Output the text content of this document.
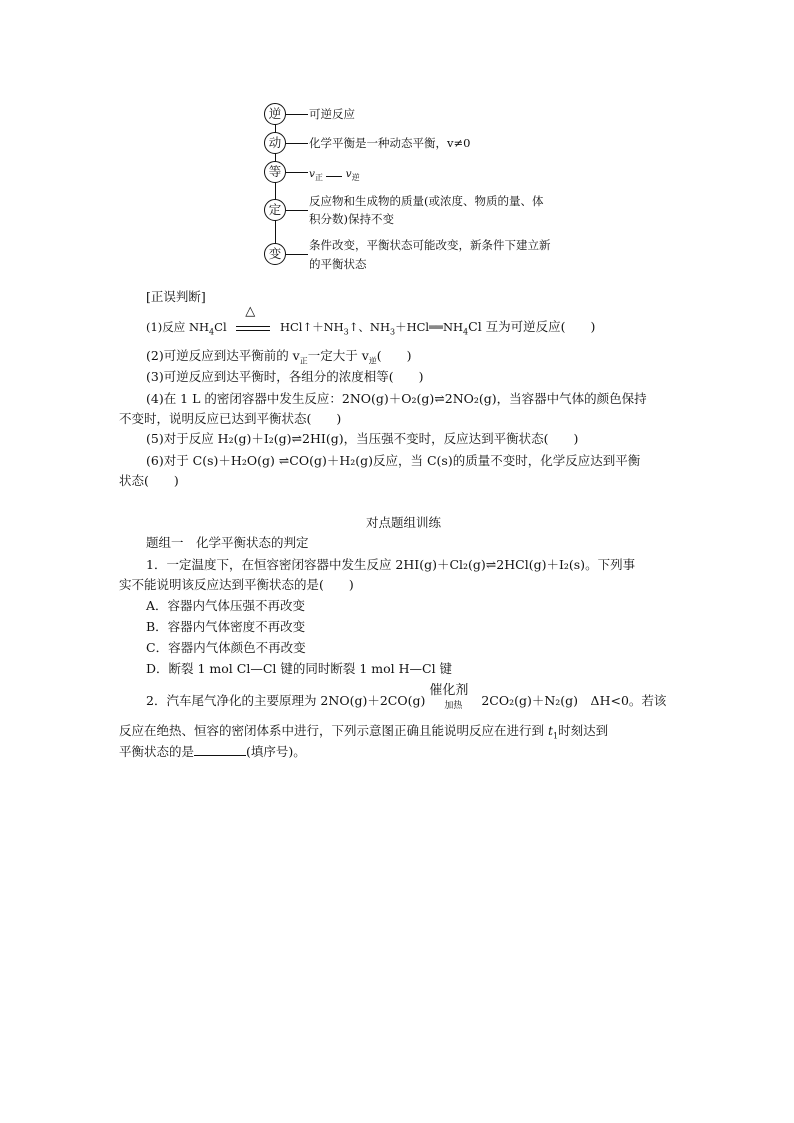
逆	可逆反应
动	化学平衡是一种动态平衡，v≠0
等	$v_正$ $v_逆$
定
反应物和生成物的质量(或浓度、物质的量、体
积分数)保持不变
变
条件改变，平衡状态可能改变，新条件下建立新
的平衡状态
[正误判断]
(1)反应 $NH_4Cl$
△
$HCl↑+NH_3↑$、$NH_3+HCl══NH_4Cl$ 互为可逆反应(　　)
(2)可逆反应到达平衡前的 $v_正$一定大于 $v_逆$(　　)
(3)可逆反应到达平衡时，各组分的浓度相等(　　)
(4)在 1 L 的密闭容器中发生反应：2NO(g)＋O₂(g)⇌2NO₂(g)，当容器中气体的颜色保持
不变时，说明反应已达到平衡状态(　　)
(5)对于反应 H₂(g)＋I₂(g)⇌2HI(g)，当压强不变时，反应达到平衡状态(　　)
(6)对于 C(s)＋H₂O(g) ⇌CO(g)＋H₂(g)反应，当 C(s)的质量不变时，化学反应达到平衡
状态(　　)
对点题组训练
题组一　化学平衡状态的判定
1．一定温度下，在恒容密闭容器中发生反应 2HI(g)＋Cl₂(g)⇌2HCl(g)＋I₂(s)。下列事
实不能说明该反应达到平衡状态的是(　　)
A．容器内气体压强不再改变
B．容器内气体密度不再改变
C．容器内气体颜色不再改变
D．断裂 1 mol Cl—Cl 键的同时断裂 1 mol H—Cl 键
2．汽车尾气净化的主要原理为 2NO(g)＋2CO(g)
催化剂
加热	2CO₂(g)＋N₂(g)　ΔH<0。若该
反应在绝热、恒容的密闭体系中进行，下列示意图正确且能说明反应在进行到 $t_1$时刻达到
平衡状态的是	(填序号)。
